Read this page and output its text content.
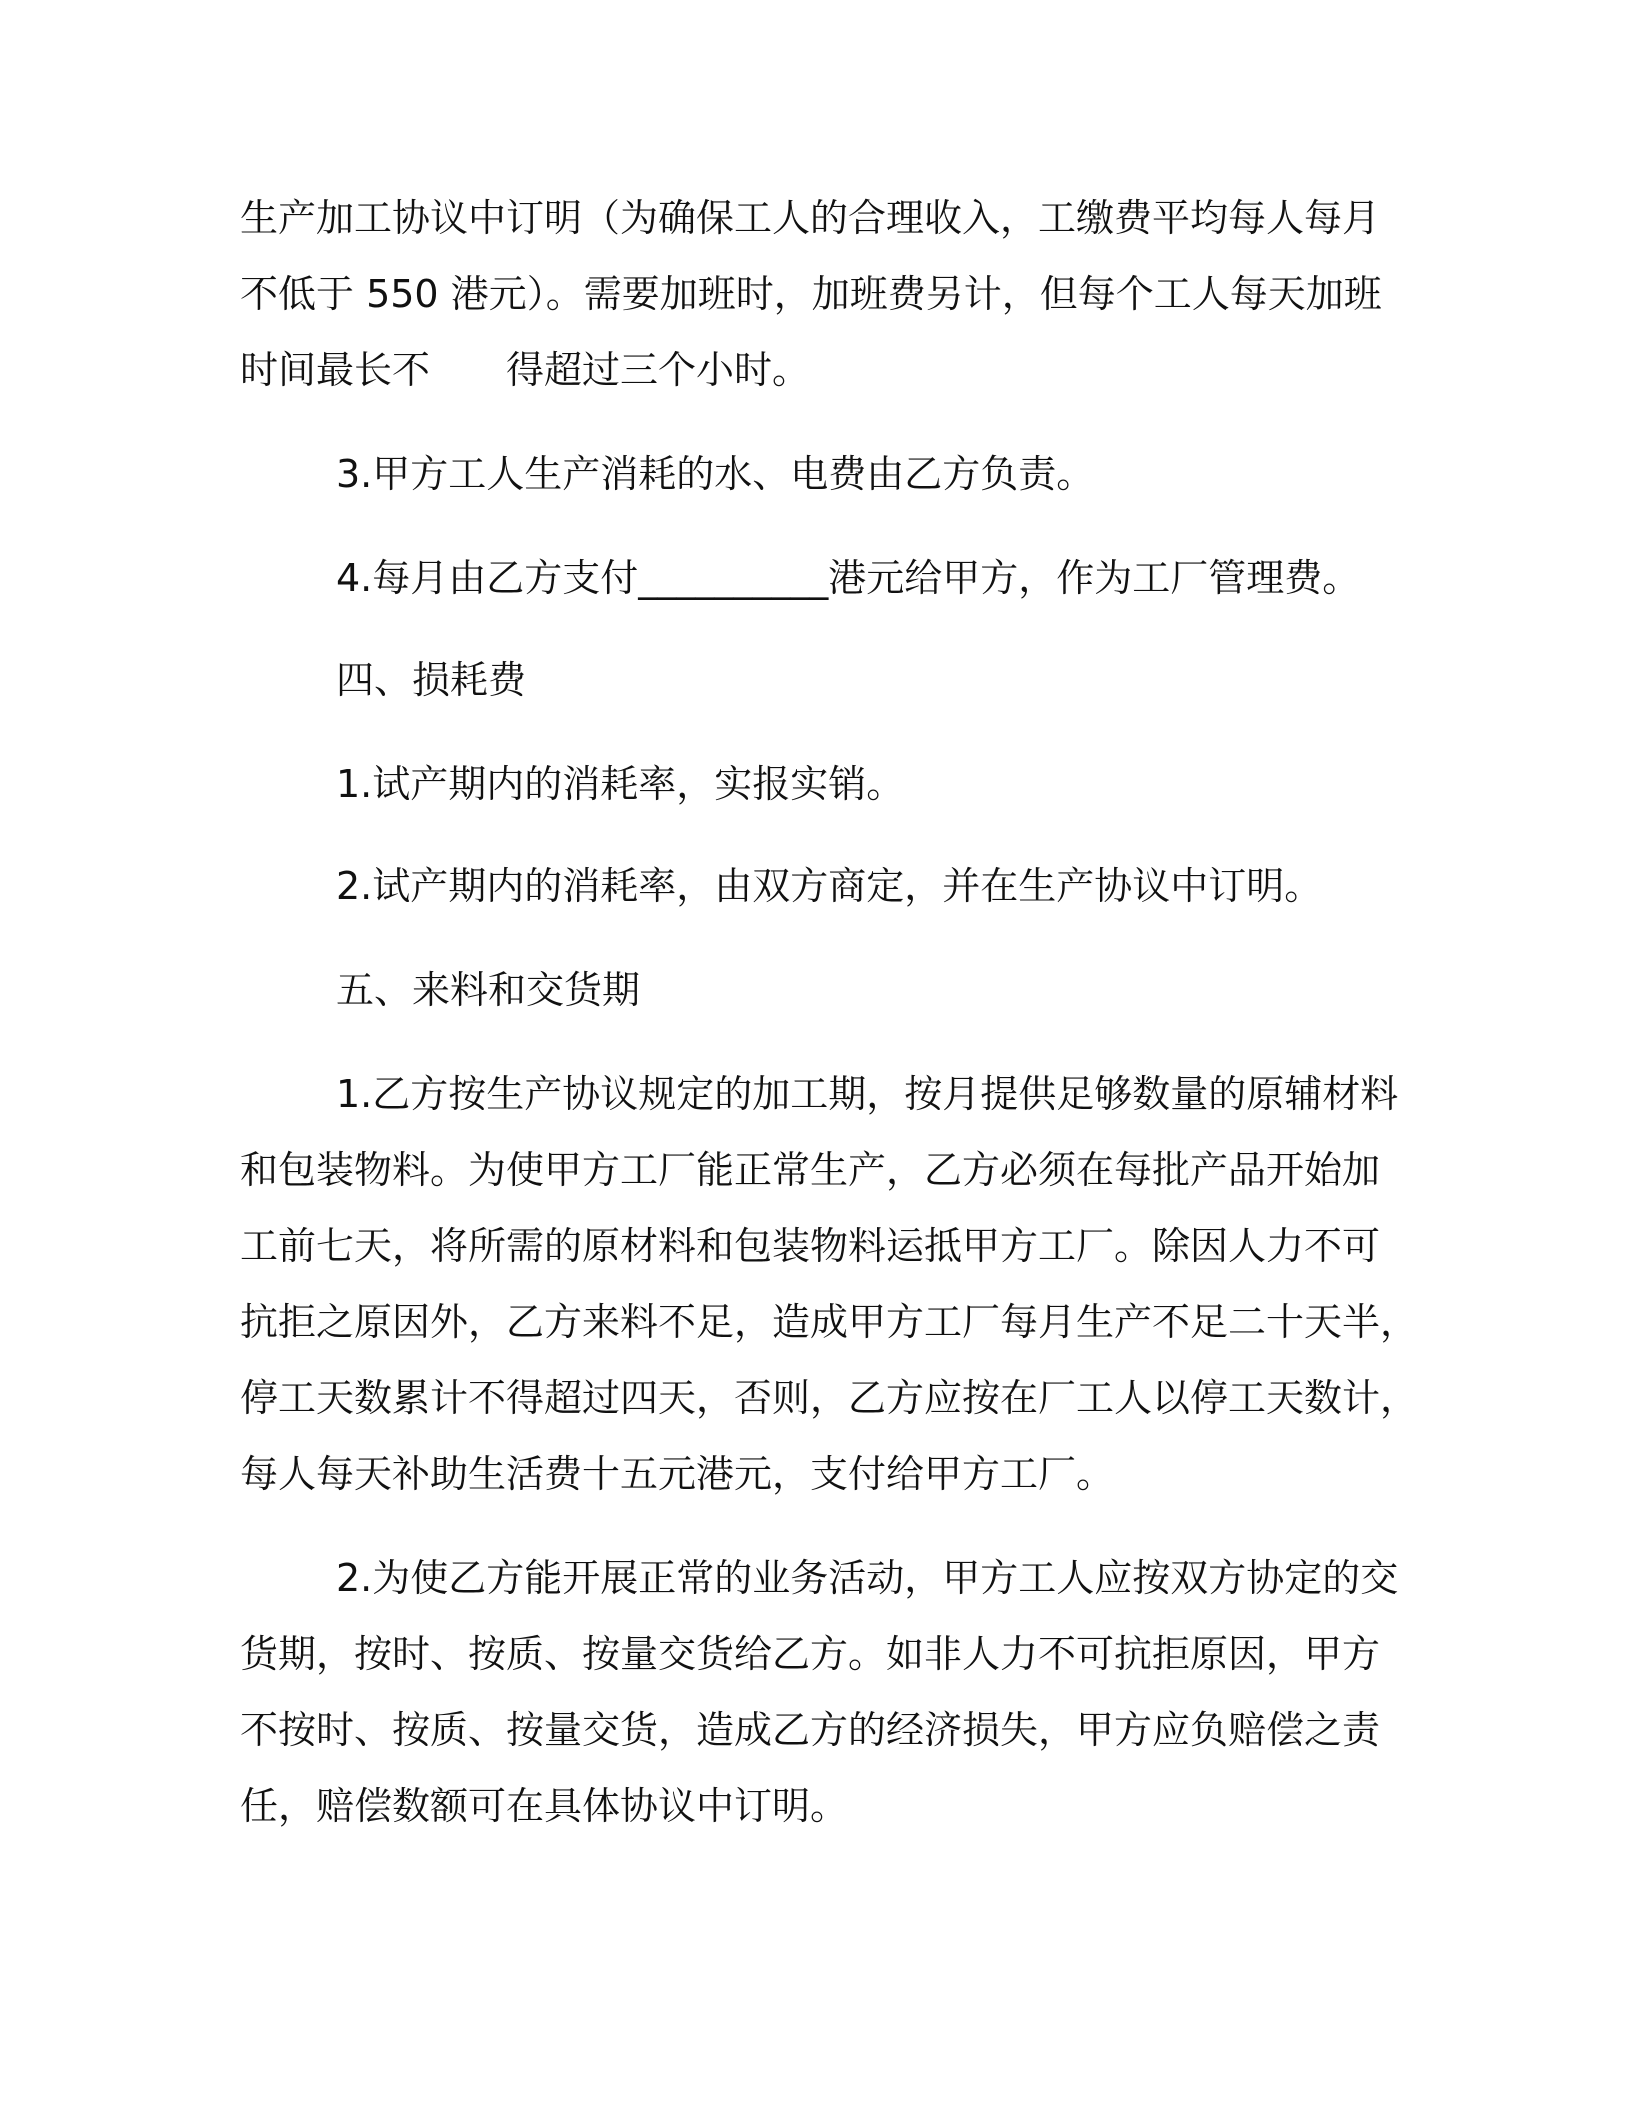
生产加工协议中订明（为确保工人的合理收入，工缴费平均每人每月
不低于 550 港元）。需要加班时，加班费另计，但每个工人每天加班
时间最长不　　得超过三个小时。
3.甲方工人生产消耗的水、电费由乙方负责。
4.每月由乙方支付__________港元给甲方，作为工厂管理费。
四、损耗费
1.试产期内的消耗率，实报实销。
2.试产期内的消耗率，由双方商定，并在生产协议中订明。
五、来料和交货期
1.乙方按生产协议规定的加工期，按月提供足够数量的原辅材料
和包装物料。为使甲方工厂能正常生产，乙方必须在每批产品开始加
工前七天，将所需的原材料和包装物料运抵甲方工厂。除因人力不可
抗拒之原因外，乙方来料不足，造成甲方工厂每月生产不足二十天半，
停工天数累计不得超过四天，否则，乙方应按在厂工人以停工天数计，
每人每天补助生活费十五元港元，支付给甲方工厂。
2.为使乙方能开展正常的业务活动，甲方工人应按双方协定的交
货期，按时、按质、按量交货给乙方。如非人力不可抗拒原因，甲方
不按时、按质、按量交货，造成乙方的经济损失，甲方应负赔偿之责
任，赔偿数额可在具体协议中订明。
